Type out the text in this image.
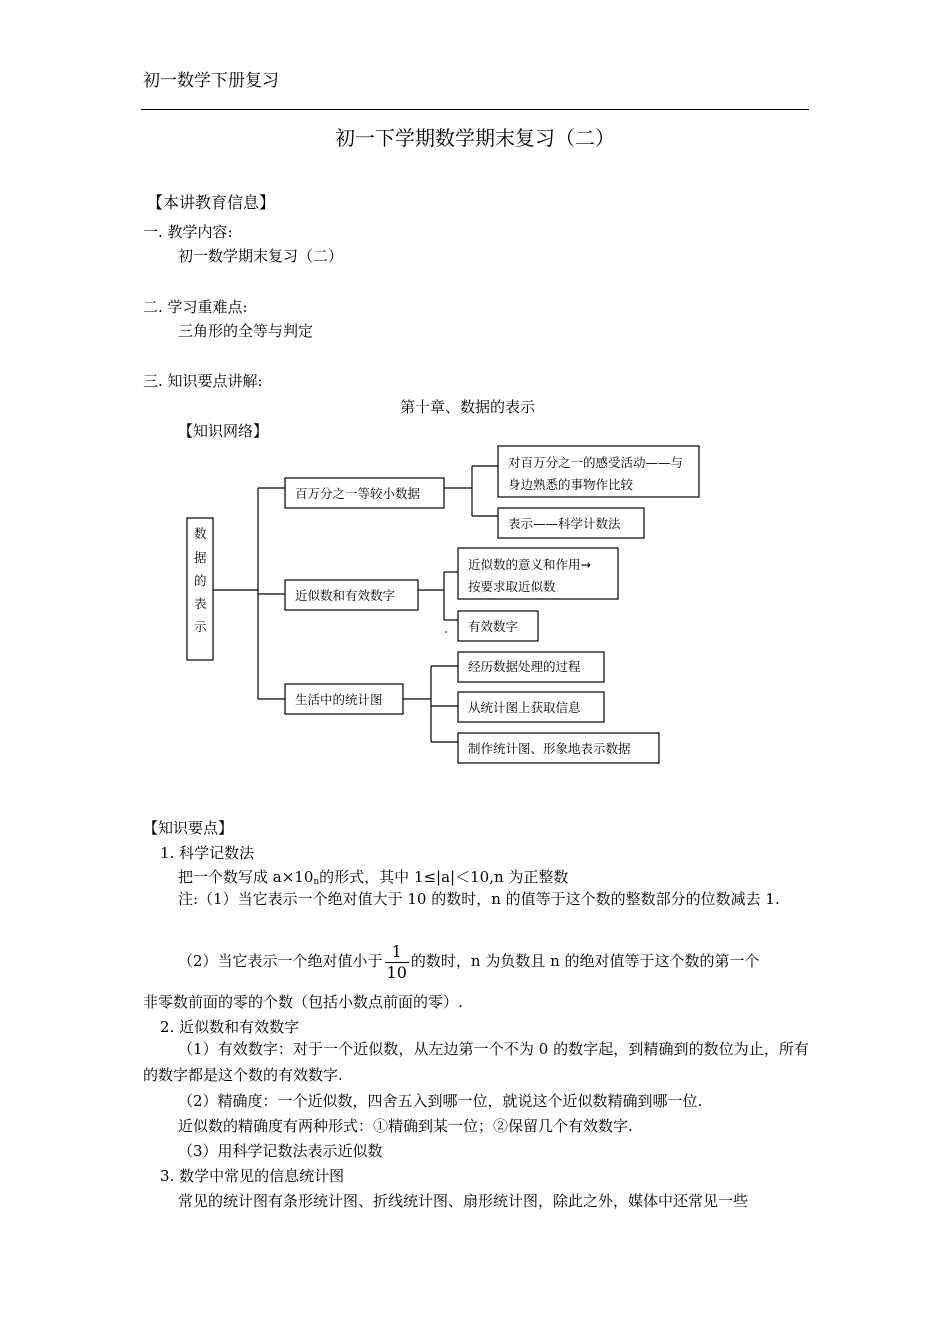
初一数学下册复习
初一下学期数学期末复习（二）
【本讲教育信息】
一. 教学内容:
初一数学期末复习（二）
二. 学习重难点:
三角形的全等与判定
三. 知识要点讲解:
第十章、数据的表示
【知识网络】
数
据
的
表
示
百万分之一等较小数据
近似数和有效数字
生活中的统计图
对百万分之一的感受活动——与
身边熟悉的事物作比较
表示——科学计数法
近似数的意义和作用→
按要求取近似数
有效数字
经历数据处理的过程
从统计图上获取信息
制作统计图、形象地表示数据
【知识要点】
1. 科学记数法
把一个数写成 $a\times 10_n$的形式，其中 1≤|a|＜10,n 为正整数
注:（1）当它表示一个绝对值大于 10 的数时，n 的值等于这个数的整数部分的位数减去 1.
（2）当它表示一个绝对值小于 $\frac{1}{10}$ 的数时，n 为负数且 n 的绝对值等于这个数的第一个
非零数前面的零的个数（包括小数点前面的零）.
2. 近似数和有效数字
（1）有效数字：对于一个近似数，从左边第一个不为 0 的数字起，到精确到的数位为止，所有的数字都是这个数的有效数字.
（2）精确度：一个近似数，四舍五入到哪一位，就说这个近似数精确到哪一位.
近似数的精确度有两种形式：①精确到某一位；②保留几个有效数字.
（3）用科学记数法表示近似数
3. 数学中常见的信息统计图
常见的统计图有条形统计图、折线统计图、扇形统计图，除此之外，媒体中还常见一些
